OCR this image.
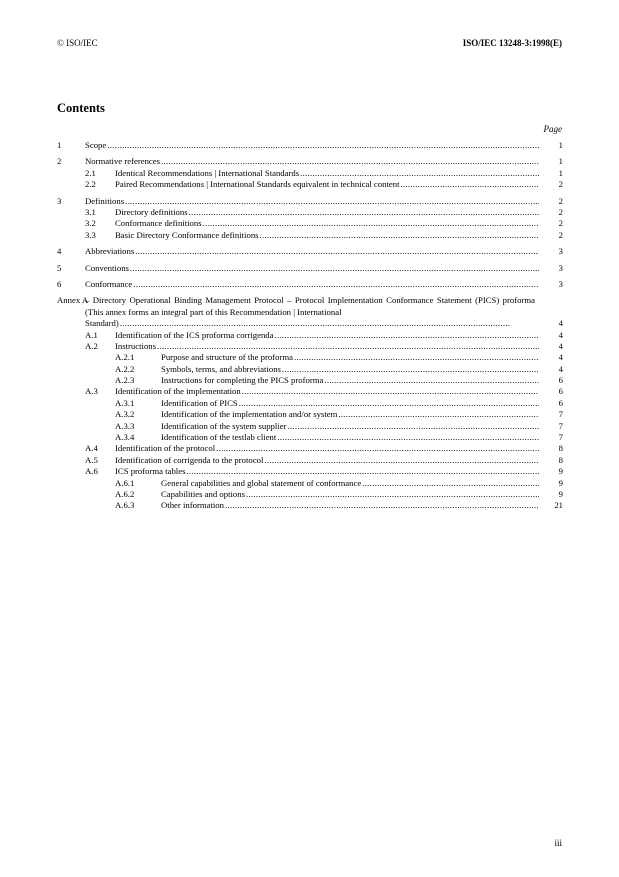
© ISO/IEC	ISO/IEC 13248-3:1998(E)
Contents
Page
1	Scope .....	1
2	Normative references .....	1
2.1 Identical Recommendations | International Standards .....	1
2.2 Paired Recommendations | International Standards equivalent in technical content .....	2
3	Definitions .....	2
3.1 Directory definitions .....	2
3.2 Conformance definitions .....	2
3.3 Basic Directory Conformance definitions .....	2
4	Abbreviations .....	3
5	Conventions .....	3
6	Conformance .....	3
Annex A
– Directory Operational Binding Management Protocol – Protocol Implementation Conformance Statement (PICS) proforma (This annex forms an integral part of this Recommendation | International
Standard) .....	4
A.1 Identification of the ICS proforma corrigenda .....	4
A.2 Instructions .....	4
A.2.1	Purpose and structure of the proforma .....	4
A.2.2	Symbols, terms, and abbreviations .....	4
A.2.3	Instructions for completing the PICS proforma .....	6
A.3 Identification of the implementation .....	6
A.3.1	Identification of PICS .....	6
A.3.2	Identification of the implementation and/or system .....	7
A.3.3	Identification of the system supplier .....	7
A.3.4	Identification of the testlab client .....	7
A.4 Identification of the protocol .....	8
A.5 Identification of corrigenda to the protocol .....	8
A.6 ICS proforma tables .....	9
A.6.1	General capabilities and global statement of conformance .....	9
A.6.2	Capabilities and options .....	9
A.6.3	Other information .....	21
iii
